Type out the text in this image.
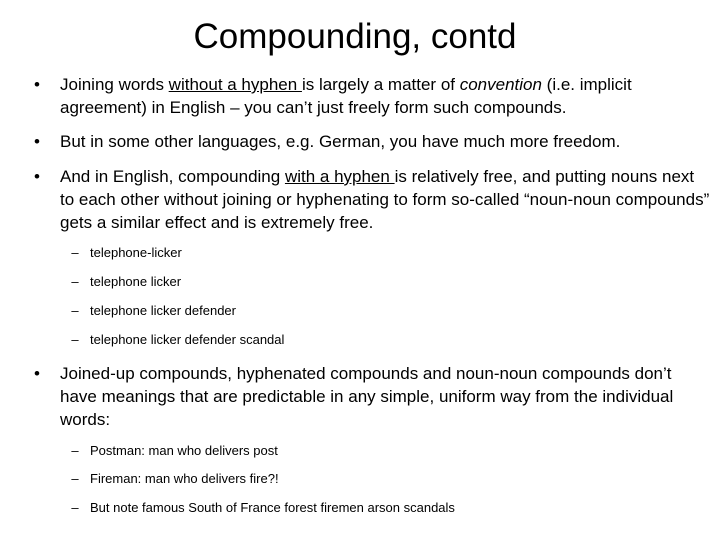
Compounding, contd
• Joining words without a hyphen is largely a matter of convention (i.e. implicit agreement) in English – you can’t just freely form such compounds.
• But in some other languages, e.g. German, you have much more freedom.
• And in English, compounding with a hyphen is relatively free, and putting nouns next to each other without joining or hyphenating to form so-called “noun-noun compounds” gets a similar effect and is extremely free.
– telephone-licker
– telephone licker
– telephone licker defender
– telephone licker defender scandal
• Joined-up compounds, hyphenated compounds and noun-noun compounds don’t have meanings that are predictable in any simple, uniform way from the individual words:
– Postman: man who delivers post
– Fireman: man who delivers fire?!
– But note famous South of France forest firemen arson scandals
